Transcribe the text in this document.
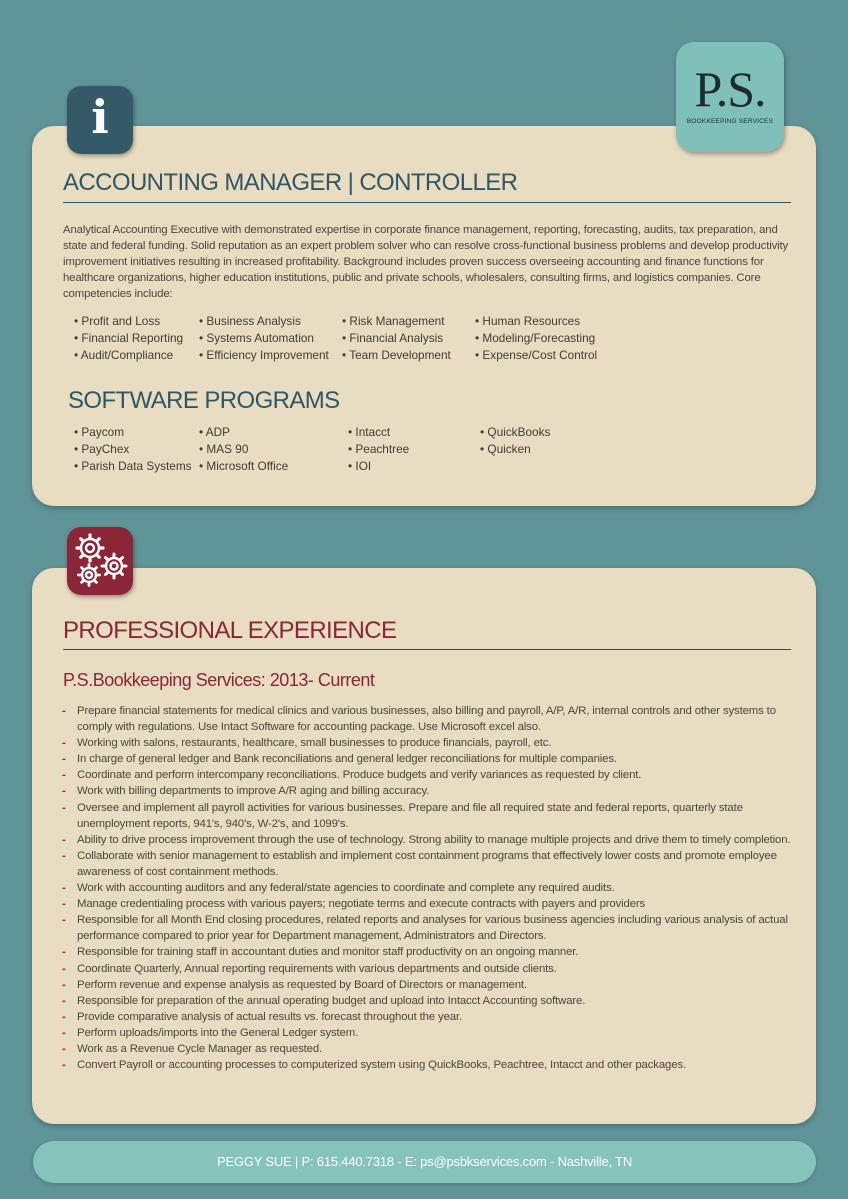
P.S.
BOOKKEEPING SERVICES
i
ACCOUNTING MANAGER | CONTROLLER

Analytical Accounting Executive with demonstrated expertise in corporate finance management, reporting, forecasting, audits, tax preparation, and state and federal funding. Solid reputation as an expert problem solver who can resolve cross-functional business problems and develop productivity improvement initiatives resulting in increased profitability. Background includes proven success overseeing accounting and finance functions for healthcare organizations, higher education institutions, public and private schools, wholesalers, consulting firms, and logistics companies. Core competencies include:

• Profit and Loss
• Financial Reporting
• Audit/Compliance
• Business Analysis
• Systems Automation
• Efficiency Improvement
• Risk Management
• Financial Analysis
• Team Development
• Human Resources
• Modeling/Forecasting
• Expense/Cost Control
SOFTWARE PROGRAMS
• Paycom
• PayChex
• Parish Data Systems
• ADP
• MAS 90
• Microsoft Office
• Intacct
• Peachtree
• IOI
• QuickBooks
• Quicken
PROFESSIONAL EXPERIENCE
P.S.Bookkeeping Services: 2013- Current
- Prepare financial statements for medical clinics and various businesses, also billing and payroll, A/P, A/R, internal controls and other systems to comply with regulations. Use Intact Software for accounting package. Use Microsoft excel also.
- Working with salons, restaurants, healthcare, small businesses to produce financials, payroll, etc.
- In charge of general ledger and Bank reconciliations and general ledger reconciliations for multiple companies.
- Coordinate and perform intercompany reconciliations. Produce budgets and verify variances as requested by client.
- Work with billing departments to improve A/R aging and billing accuracy.
- Oversee and implement all payroll activities for various businesses. Prepare and file all required state and federal reports, quarterly state unemployment reports, 941's, 940's, W-2's, and 1099's.
- Ability to drive process improvement through the use of technology. Strong ability to manage multiple projects and drive them to timely completion.
- Collaborate with senior management to establish and implement cost containment programs that effectively lower costs and promote employee awareness of cost containment methods.
- Work with accounting auditors and any federal/state agencies to coordinate and complete any required audits.
- Manage credentialing process with various payers; negotiate terms and execute contracts with payers and providers
- Responsible for all Month End closing procedures, related reports and analyses for various business agencies including various analysis of actual performance compared to prior year for Department management, Administrators and Directors.
- Responsible for training staff in accountant duties and monitor staff productivity on an ongoing manner.
- Coordinate Quarterly, Annual reporting requirements with various departments and outside clients.
- Perform revenue and expense analysis as requested by Board of Directors or management.
- Responsible for preparation of the annual operating budget and upload into Intacct Accounting software.
- Provide comparative analysis of actual results vs. forecast throughout the year.
- Perform uploads/imports into the General Ledger system.
- Work as a Revenue Cycle Manager as requested.
- Convert Payroll or accounting processes to computerized system using QuickBooks, Peachtree, Intacct and other packages.
PEGGY SUE | P: 615.440.7318 - E: ps@psbkservices.com - Nashville, TN
